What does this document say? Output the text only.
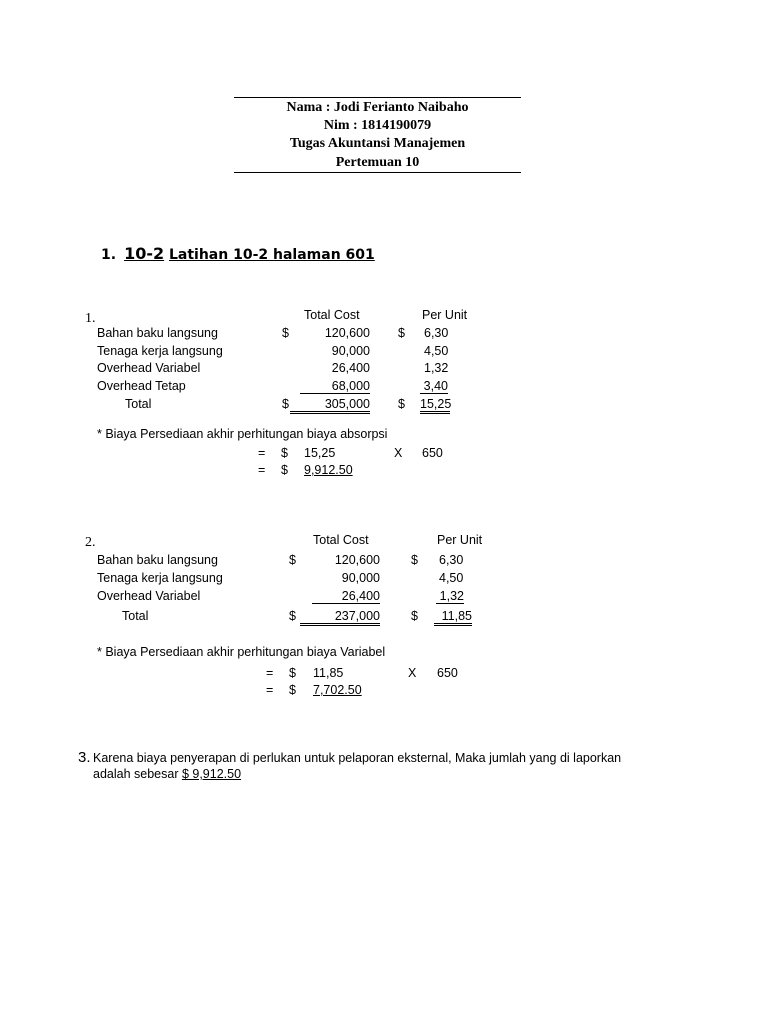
Nama : Jodi Ferianto Naibaho
Nim : 1814190079
Tugas Akuntansi Manajemen
Pertemuan 10
1. 10-2 Latihan 10-2 halaman 601
1.	Total Cost	Per Unit
Bahan baku langsung	$	120,600 $ 6,30
Tenaga kerja langsung	90,000	4,50
Overhead Variabel	26,400	1,32
Overhead Tetap	68,000	3,40
Total	$	305,000 $ 15,25
* Biaya Persediaan akhir perhitungan biaya absorpsi
= $ 15,25	X 650
= $ 9,912.50
2.	Total Cost	Per Unit
Bahan baku langsung	$	120,600 $ 6,30
Tenaga kerja langsung	90,000	4,50
Overhead Variabel	26,400	1,32
Total	$	237,000 $	11,85
* Biaya Persediaan akhir perhitungan biaya Variabel
= $ 11,85	X 650
= $ 7,702.50
3. Karena biaya penyerapan di perlukan untuk pelaporan eksternal, Maka jumlah yang di laporkan
adalah sebesar $ 9,912.50
